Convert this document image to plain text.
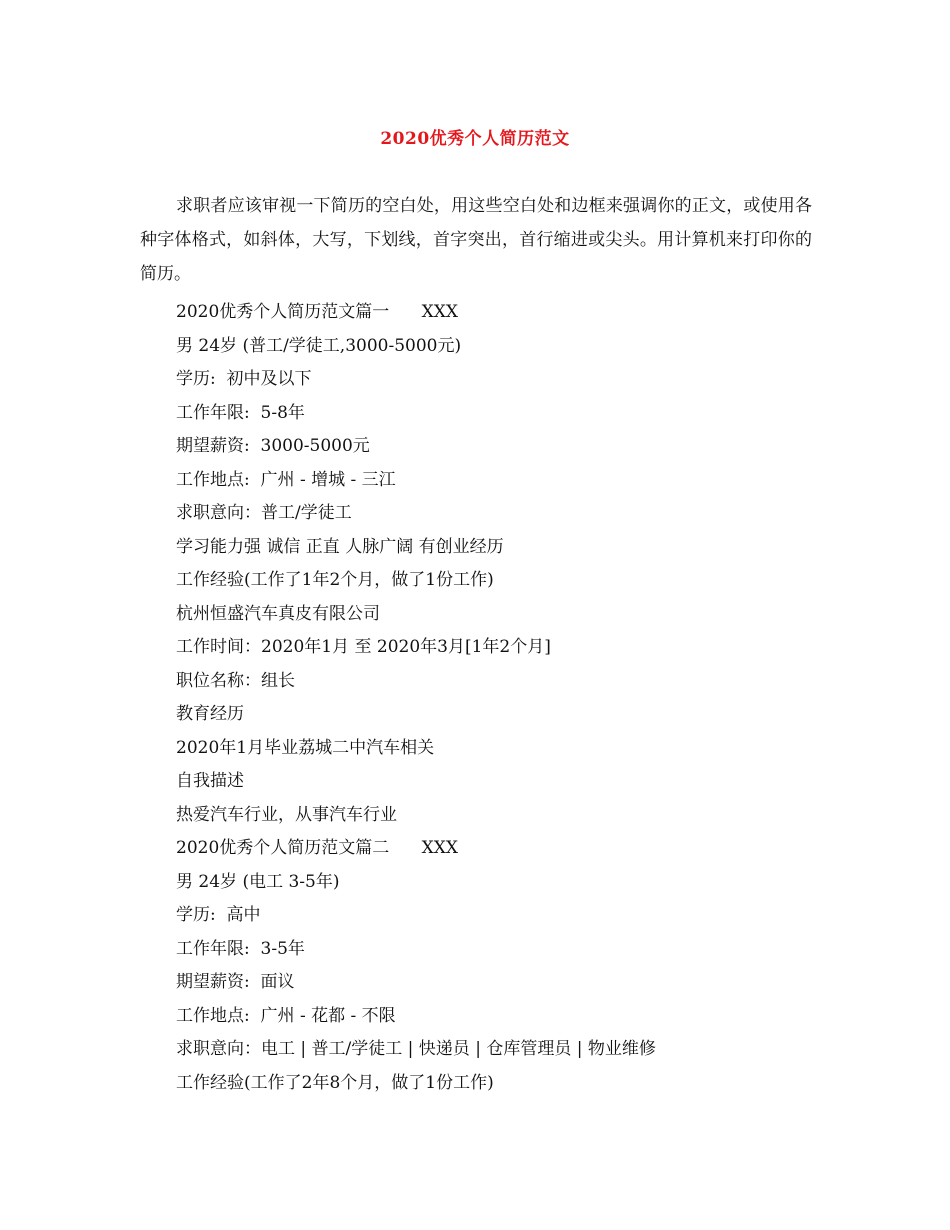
2020优秀个人简历范文
求职者应该审视一下简历的空白处，用这些空白处和边框来强调你的正文，或使用各种字体格式，如斜体，大写，下划线，首字突出，首行缩进或尖头。用计算机来打印你的简历。
2020优秀个人简历范文篇一      XXX
男 24岁 (普工/学徒工,3000-5000元)
学历:  初中及以下
工作年限:  5-8年
期望薪资:  3000-5000元
工作地点:  广州 - 增城 - 三江
求职意向：普工/学徒工
学习能力强 诚信 正直 人脉广阔 有创业经历
工作经验(工作了1年2个月，做了1份工作)
杭州恒盛汽车真皮有限公司
工作时间：2020年1月 至 2020年3月[1年2个月]
职位名称：组长
教育经历
2020年1月毕业荔城二中汽车相关
自我描述
热爱汽车行业，从事汽车行业
2020优秀个人简历范文篇二      XXX
男 24岁 (电工 3-5年)
学历:  高中
工作年限:  3-5年
期望薪资:  面议
工作地点:  广州 - 花都 - 不限
求职意向：电工 | 普工/学徒工 | 快递员 | 仓库管理员 | 物业维修
工作经验(工作了2年8个月，做了1份工作)
